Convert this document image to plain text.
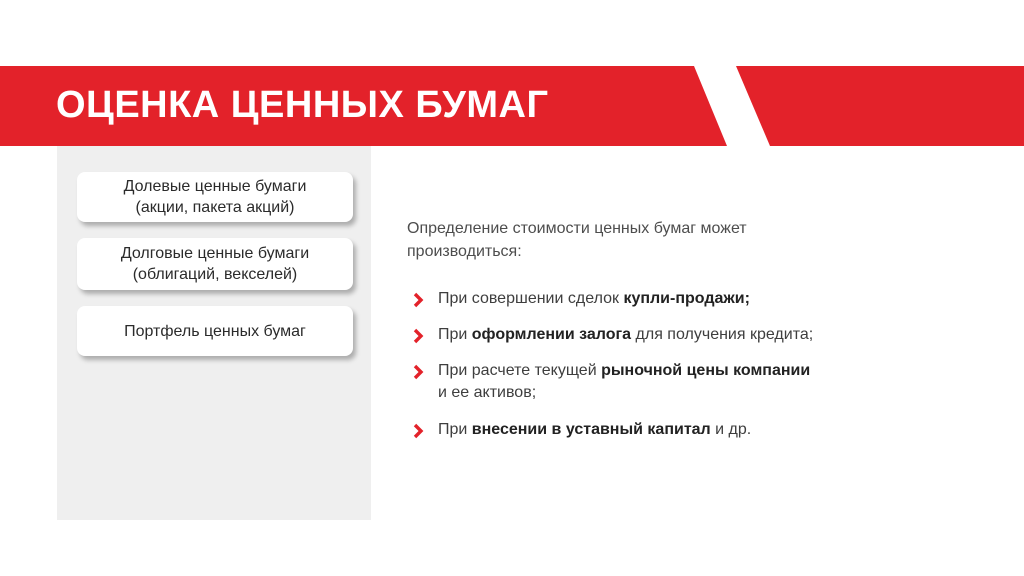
ОЦЕНКА ЦЕННЫХ БУМАГ
Долевые ценные бумаги
(акции, пакета акций)
Долговые ценные бумаги
(облигаций, векселей)
Портфель ценных бумаг
Определение стоимости ценных бумаг может
производиться:
При совершении сделок купли-продажи;
При оформлении залога для получения кредита;
При расчете текущей рыночной цены компании
и ее активов;
При внесении в уставный капитал и др.
